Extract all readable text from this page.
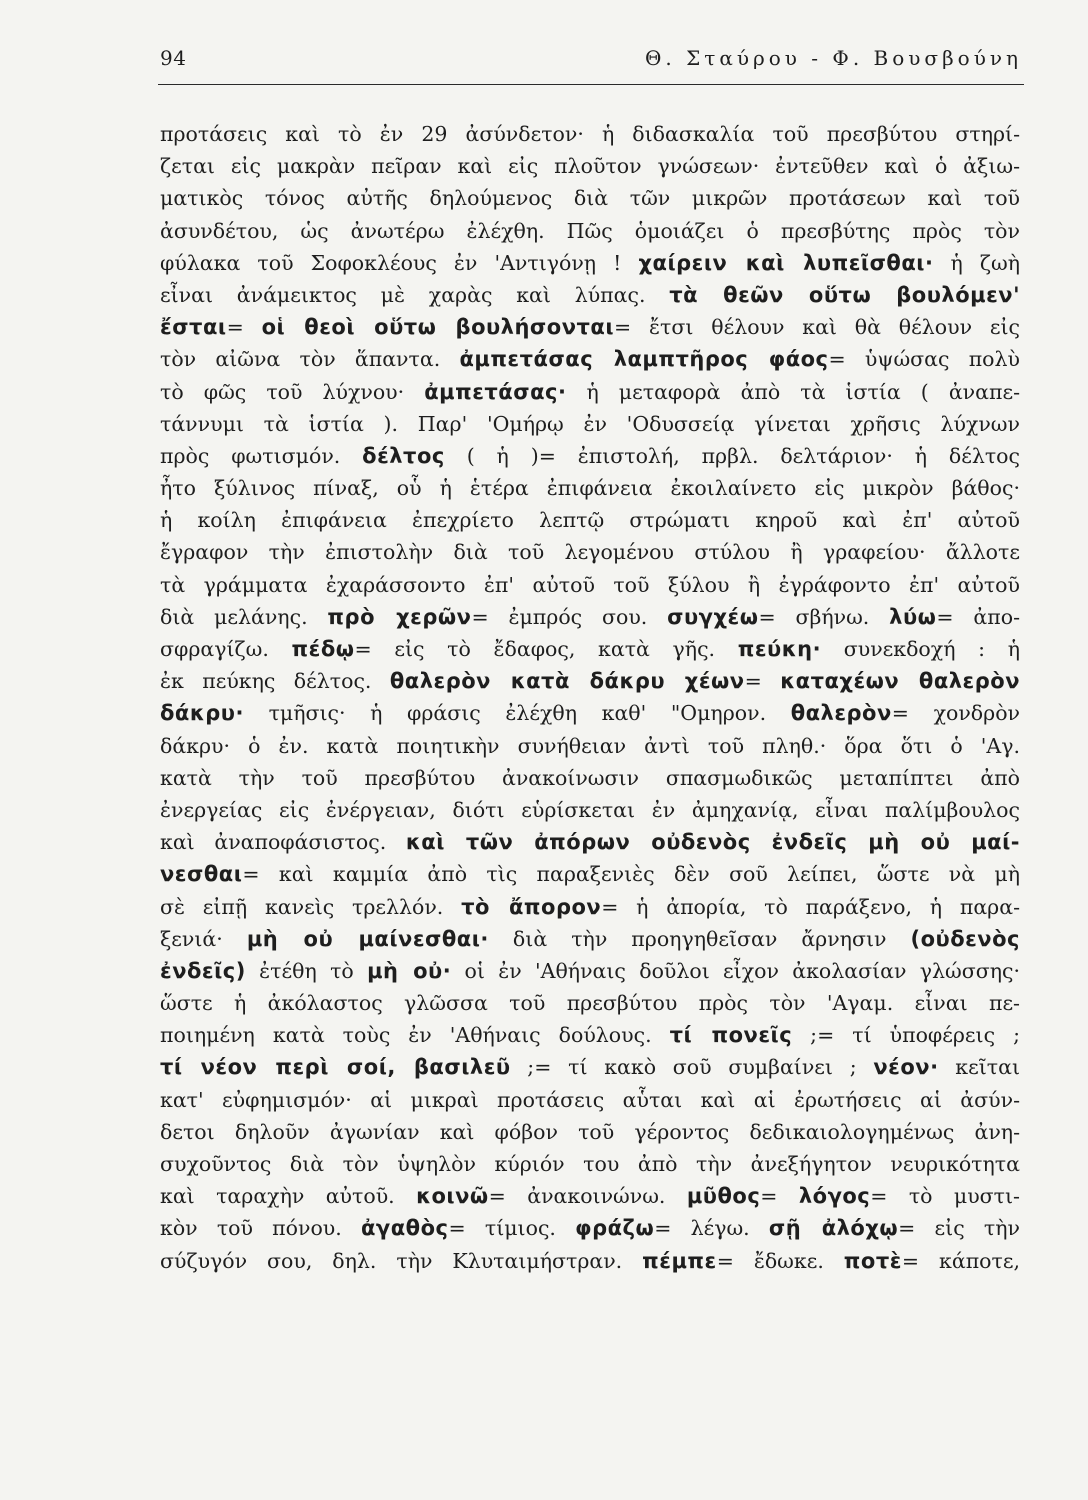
94	Θ. Σταύρου - Φ. Βουσβούνη
προτάσεις καὶ τὸ ἐν 29 ἀσύνδετον· ἡ διδασκαλία τοῦ πρεσβύτου στηρί-
ζεται εἰς μακρὰν πεῖραν καὶ εἰς πλοῦτον γνώσεων· ἐντεῦθεν καὶ ὁ ἀξιω-
ματικὸς τόνος αὐτῆς δηλούμενος διὰ τῶν μικρῶν προτάσεων καὶ τοῦ
ἀσυνδέτου, ὡς ἀνωτέρω ἐλέχθη. Πῶς ὁμοιάζει ὁ πρεσβύτης πρὸς τὸν
φύλακα τοῦ Σοφοκλέους ἐν 'Αντιγόνῃ ! χαίρειν καὶ λυπεῖσθαι· ἡ ζωὴ
εἶναι ἀνάμεικτος μὲ χαρὰς καὶ λύπας. τὰ θεῶν οὕτω βουλόμεν'
ἔσται= οἱ θεοὶ οὕτω βουλήσονται= ἔτσι θέλουν καὶ θὰ θέλουν εἰς
τὸν αἰῶνα τὸν ἅπαντα. ἀμπετάσας λαμπτῆρος φάος= ὑψώσας πολὺ
τὸ φῶς τοῦ λύχνου· ἀμπετάσας· ἡ μεταφορὰ ἀπὸ τὰ ἱστία ( ἀναπε-
τάννυμι τὰ ἱστία ). Παρ' 'Ομήρῳ ἐν 'Οδυσσείᾳ γίνεται χρῆσις λύχνων
πρὸς φωτισμόν. δέλτος ( ἡ )= ἐπιστολή, πρβλ. δελτάριον· ἡ δέλτος
ἦτο ξύλινος πίναξ, οὗ ἡ ἑτέρα ἐπιφάνεια ἐκοιλαίνετο εἰς μικρὸν βάθος·
ἡ κοίλη ἐπιφάνεια ἐπεχρίετο λεπτῷ στρώματι κηροῦ καὶ ἐπ' αὐτοῦ
ἔγραφον τὴν ἐπιστολὴν διὰ τοῦ λεγομένου στύλου ἢ γραφείου· ἄλλοτε
τὰ γράμματα ἐχαράσσοντο ἐπ' αὐτοῦ τοῦ ξύλου ἢ ἐγράφοντο ἐπ' αὐτοῦ
διὰ μελάνης. πρὸ χερῶν= ἐμπρός σου. συγχέω= σβήνω. λύω= ἀπο-
σφραγίζω. πέδῳ= εἰς τὸ ἔδαφος, κατὰ γῆς. πεύκη· συνεκδοχή : ἡ
ἐκ πεύκης δέλτος. θαλερὸν κατὰ δάκρυ χέων= καταχέων θαλερὸν
δάκρυ· τμῆσις· ἡ φράσις ἐλέχθη καθ' "Ομηρον. θαλερὸν= χονδρὸν
δάκρυ· ὁ ἐν. κατὰ ποιητικὴν συνήθειαν ἀντὶ τοῦ πληθ.· ὅρα ὅτι ὁ 'Αγ.
κατὰ τὴν τοῦ πρεσβύτου ἀνακοίνωσιν σπασμωδικῶς μεταπίπτει ἀπὸ
ἐνεργείας εἰς ἐνέργειαν, διότι εὑρίσκεται ἐν ἀμηχανίᾳ, εἶναι παλίμβουλος
καὶ ἀναποφάσιστος. καὶ τῶν ἀπόρων οὐδενὸς ἐνδεῖς μὴ οὐ μαί-
νεσθαι= καὶ καμμία ἀπὸ τὶς παραξενιὲς δὲν σοῦ λείπει, ὥστε νὰ μὴ
σὲ εἰπῇ κανεὶς τρελλόν. τὸ ἄπορον= ἡ ἀπορία, τὸ παράξενο, ἡ παρα-
ξενιά· μὴ οὐ μαίνεσθαι· διὰ τὴν προηγηθεῖσαν ἄρνησιν (οὐδενὸς
ἐνδεῖς) ἐτέθη τὸ μὴ οὐ· οἱ ἐν 'Αθήναις δοῦλοι εἶχον ἀκολασίαν γλώσσης·
ὥστε ἡ ἀκόλαστος γλῶσσα τοῦ πρεσβύτου πρὸς τὸν 'Αγαμ. εἶναι πε-
ποιημένη κατὰ τοὺς ἐν 'Αθήναις δούλους. τί πονεῖς ;= τί ὑποφέρεις ;
τί νέον περὶ σοί, βασιλεῦ ;= τί κακὸ σοῦ συμβαίνει ; νέον· κεῖται
κατ' εὐφημισμόν· αἱ μικραὶ προτάσεις αὗται καὶ αἱ ἐρωτήσεις αἱ ἀσύν-
δετοι δηλοῦν ἀγωνίαν καὶ φόβον τοῦ γέροντος δεδικαιολογημένως ἀνη-
συχοῦντος διὰ τὸν ὑψηλὸν κύριόν του ἀπὸ τὴν ἀνεξήγητον νευρικότητα
καὶ ταραχὴν αὐτοῦ. κοινῶ= ἀνακοινώνω. μῦθος= λόγος= τὸ μυστι-
κὸν τοῦ πόνου. ἀγαθὸς= τίμιος. φράζω= λέγω. σῇ ἀλόχῳ= εἰς τὴν
σύζυγόν σου, δηλ. τὴν Κλυταιμήστραν. πέμπε= ἔδωκε. ποτὲ= κάποτε,
